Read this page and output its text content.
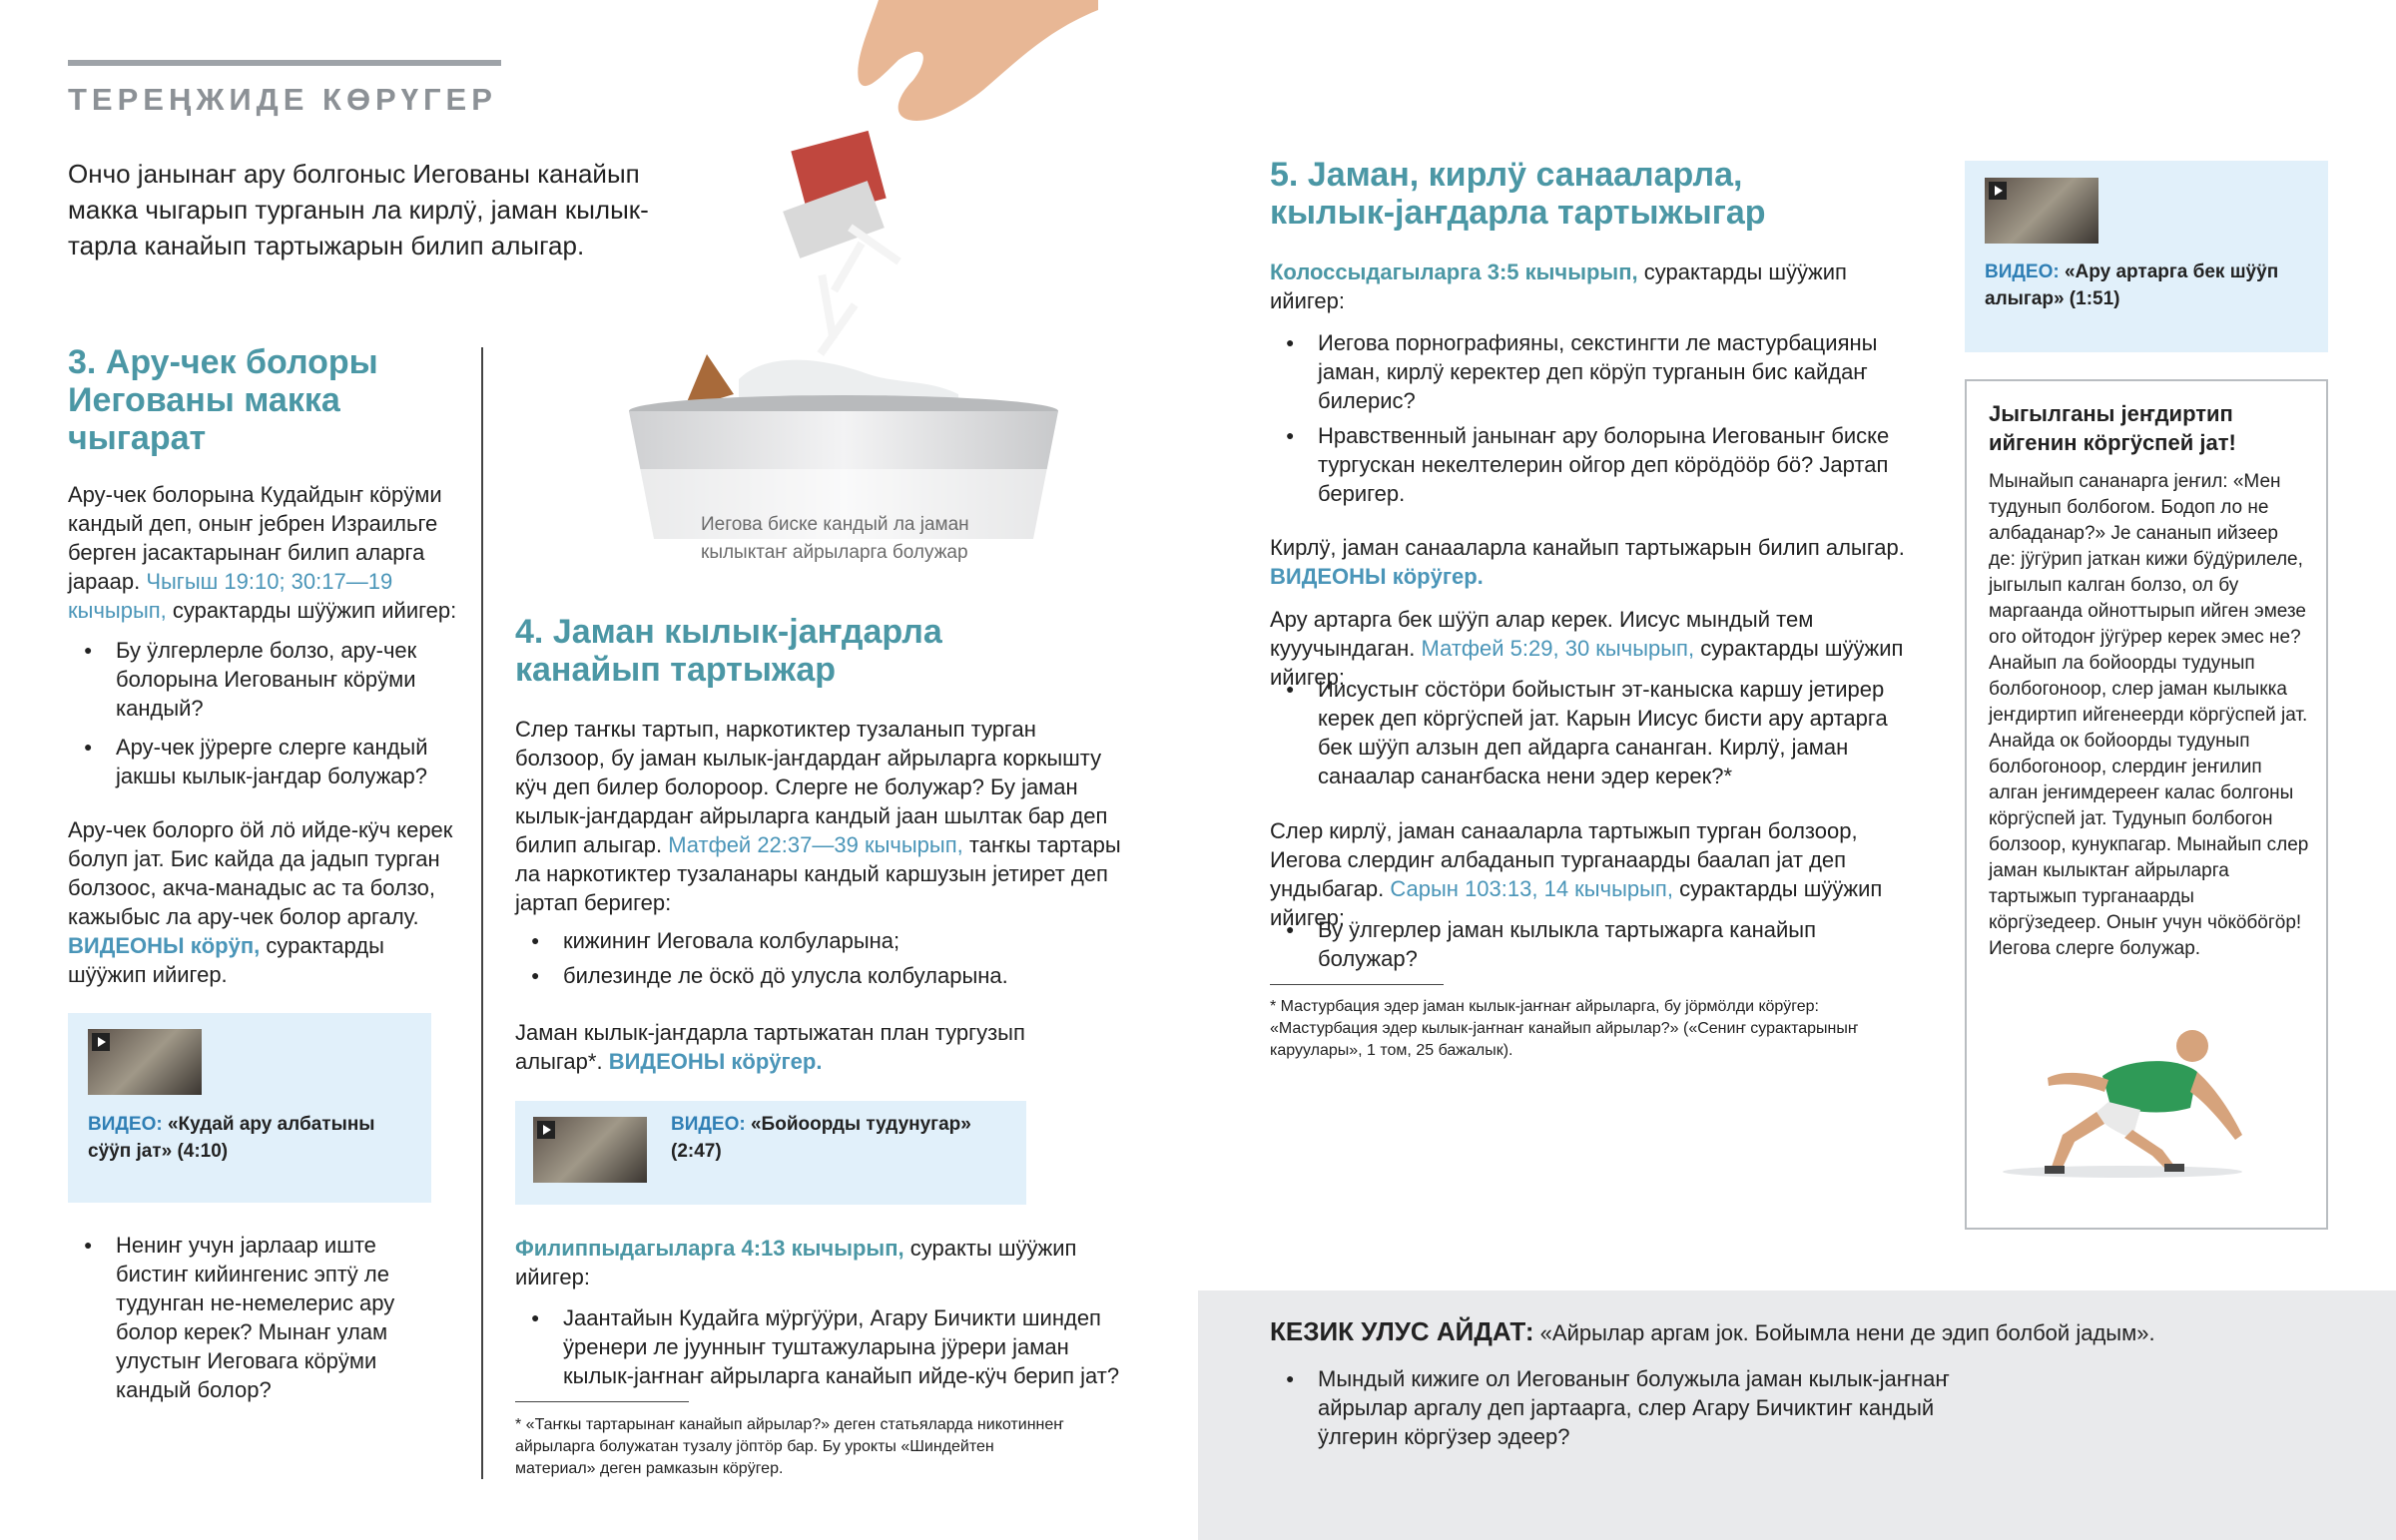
ТЕРЕҢЖИДЕ КӨРҮГЕР

Ончо јанынаҥ ару болгоныс Иегованы канайып макка чыгарып турганын ла кирлӱ, јаман кылык-тарла канайып тартыжарын билип алыгар.

Иегова биске кандый ла јаман кылыктаҥ айрыларга болужар
3. Ару-чек болоры Иегованы макка чыгарат

Ару-чек болорына Кудайдыҥ кӧрӱми кандый деп, оныҥ јебрен Израильге берген јасактарынаҥ билип аларга јараар. Чыгыш 19:10; 30:17—19 кычырып, сурактарды шӱӱжип ийигер:

● Бу ӱлгерлерле болзо, ару-чек болорына Иегованыҥ кӧрӱми кандый?
● Ару-чек јӱрерге слерге кандый јакшы кылык-јаҥдар болужар?

Ару-чек болорго ӧй лӧ ийде-кӱч керек болуп јат. Бис кайда да јадып турган болзоос, акча-манадыс ас та болзо, кажыбыс ла ару-чек болор аргалу. ВИДЕОНЫ кӧрӱп, сурактарды шӱӱжип ийигер.

ВИДЕО: «Кудай ару албатыны сӱӱп јат» (4:10)
● Нениҥ учун јарлаар иште бистиҥ кийингенис эптӱ ле тудунган не-немелерис ару болор керек? Мынаҥ улам улустыҥ Иеговага кӧрӱми кандый болор?
4. Јаман кылык-јаҥдарла канайып тартыжар

Слер таҥкы тартып, наркотиктер тузаланып турган болзоор, бу јаман кылык-јаҥдардаҥ айрыларга коркышту кӱч деп билер болороор. Слерге не болужар? Бу јаман кылык-јаҥдардаҥ айрыларга кандый јаан шылтак бар деп билип алыгар. Матфей 22:37—39 кычырып, таҥкы тартары ла наркотиктер тузаланары кандый каршузын јетирет деп јартап беригер:

● кижиниҥ Иеговала колбуларына;
● билезинде ле ӧскӧ дӧ улусла колбуларына.

Јаман кылык-јаҥдарла тартыжатан план тургузып алыгар*. ВИДЕОНЫ кӧрӱгер.

ВИДЕО: «Бойоорды тудунугар» (2:47)

Филиппыдагыларга 4:13 кычырып, суракты шӱӱжип ийигер:

● Јаантайын Кудайга мӱргӱӱри, Агару Бичикти шиндеп ӱренери ле јуунныҥ туштажуларына јӱрери јаман кылык-јаҥнаҥ айрыларга канайып ийде-кӱч берип јат?

* «Таҥкы тартарынаҥ канайып айрылар?» деген статьяларда никотиннеҥ айрыларга болужатан тузалу јӧптӧр бар. Бу урокты «Шиндейтен материал» деген рамказын кӧрӱгер.

5. Јаман, кирлӱ санааларла, кылык-јаҥдарла тартыжыгар

Колоссыдагыларга 3:5 кычырып, сурактарды шӱӱжип ийигер:

● Иегова порнографияны, секстингти ле мастурбацияны јаман, кирлӱ керектер деп кӧрӱп турганын бис кайдаҥ билерис?
● Нравственный јанынаҥ ару болорына Иегованыҥ биске тургускан некелтелерин ойгор деп кӧрӧдӧӧр бӧ? Јартап беригер.

Кирлӱ, јаман санааларла канайып тартыжарын билип алыгар. ВИДЕОНЫ кӧрӱгер.

Ару артарга бек шӱӱп алар керек. Иисус мындый тем кууучындаган. Матфей 5:29, 30 кычырып, сурактарды шӱӱжип ийигер:

● Иисустыҥ сӧстӧри бойыстыҥ эт-каныска каршу јетирер керек деп кӧргӱспей јат. Карын Иисус бисти ару артарга бек шӱӱп алзын деп айдарга сананган. Кирлӱ, јаман санаалар санаҥбаска нени эдер керек?*

Слер кирлӱ, јаман санааларла тартыжып турган болзоор, Иегова слердиҥ албаданып турганаарды баалап јат деп ундыбагар. Сарын 103:13, 14 кычырып, сурактарды шӱӱжип ийигер:

● Бу ӱлгерлер јаман кылыкла тартыжарга канайып болужар?

* Мастурбация эдер јаман кылык-јаҥнаҥ айрыларга, бу јӧрмӧлди кӧрӱгер: «Мастурбация эдер кылык-јаҥнаҥ канайып айрылар?» («Сениҥ сурактарыныҥ каруулары», 1 том, 25 бажалык).

ВИДЕО: «Ару артарга бек шӱӱп алыгар» (1:51)
Јыгылганы јеҥдиртип ийгенин кӧргӱспей јат!

Мынайып сананарга јеҥил: «Мен тудунып болбогом. Бодоп ло не албаданар?» Је сананып ийзеер де: јӱгӱрип јаткан кижи бӱдӱрилеле, јыгылып калган болзо, ол бу маргаанда ойноттырып ийген эмезе ого ойтодоҥ јӱгӱрер керек эмес не? Анайып ла бойоорды тудунып болбогоноор, слер јаман кылыкка јеҥдиртип ийгенеерди кӧргӱспей јат. Анайда ок бойоорды тудунып болбогоноор, слердиҥ јеҥилип алган јеҥимдерееҥ калас болгоны кӧргӱспей јат. Тудунып болбогон болзоор, кунукпагар. Мынайып слер јаман кылыктаҥ айрыларга тартыжып турганаарды кӧргӱзедеер. Оныҥ учун чӧкӧбӧгӧр! Иегова слерге болужар.

КЕЗИК УЛУС АЙДАТ: «Айрылар аргам јок. Бойымла нени де эдип болбой јадым».

● Мындый кижиге ол Иегованыҥ болужыла јаман кылык-јаҥнаҥ айрылар аргалу деп јартаарга, слер Агару Бичиктиҥ кандый ӱлгерин кӧргӱзер эдеер?
